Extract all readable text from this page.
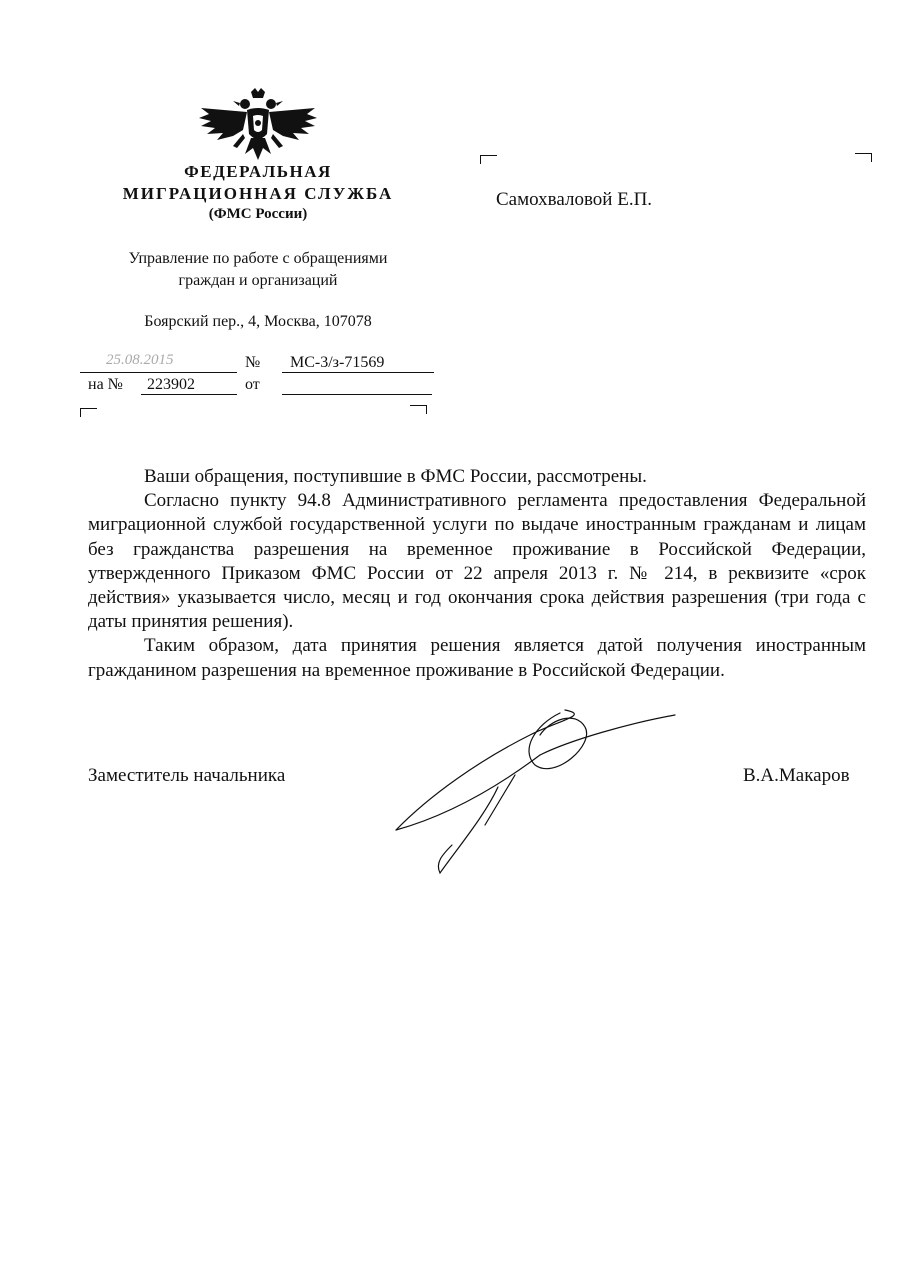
ФЕДЕРАЛЬНАЯ
МИГРАЦИОННАЯ СЛУЖБА
(ФМС России)
Управление по работе с обращениями
граждан и организаций
Боярский пер., 4, Москва, 107078
25.08.2015	№ МС-3/з-71569
на № 223902	от
Самохваловой Е.П.

Ваши обращения, поступившие в ФМС России, рассмотрены.

Согласно пункту 94.8 Административного регламента предоставления Федеральной миграционной службой государственной услуги по выдаче иностранным гражданам и лицам без гражданства разрешения на временное проживание в Российской Федерации, утвержденного Приказом ФМС России от 22 апреля 2013 г. № 214, в реквизите «срок действия» указывается число, месяц и год окончания срока действия разрешения (три года с даты принятия решения).

Таким образом, дата принятия решения является датой получения иностранным гражданином разрешения на временное проживание в Российской Федерации.

Заместитель начальника	В.А.Макаров
